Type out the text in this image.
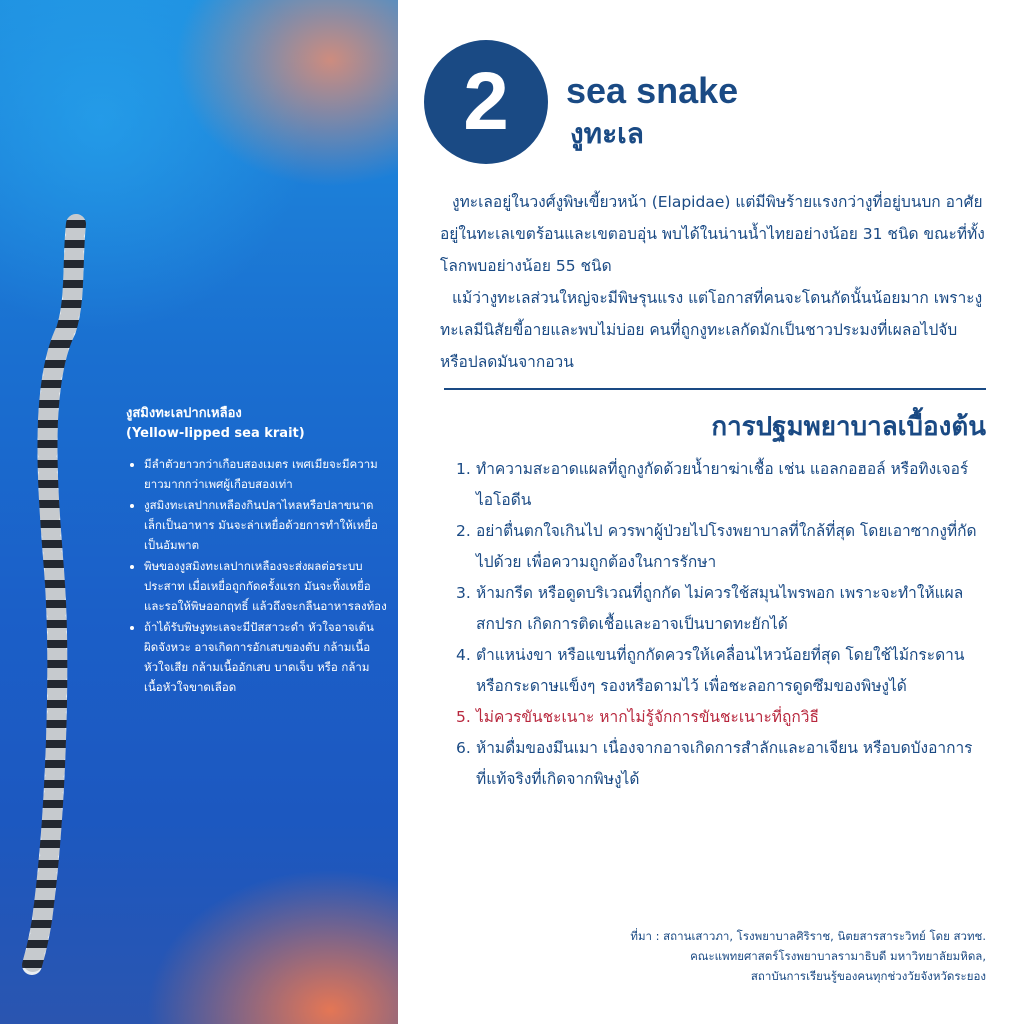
งูสมิงทะเลปากเหลือง
(Yellow-lipped sea krait)

• มีลำตัวยาวกว่าเกือบสองเมตร เพศเมียจะมีความยาวมากกว่าเพศผู้เกือบสองเท่า
• งูสมิงทะเลปากเหลืองกินปลาไหลหรือปลาขนาดเล็กเป็นอาหาร มันจะล่าเหยื่อด้วยการทำให้เหยื่อเป็นอัมพาต
• พิษของงูสมิงทะเลปากเหลืองจะส่งผลต่อระบบประสาท เมื่อเหยื่อถูกกัดครั้งแรก มันจะทิ้งเหยื่อและรอให้พิษออกฤทธิ์ แล้วถึงจะกลืนอาหารลงท้อง
• ถ้าได้รับพิษงูทะเลจะมีปัสสาวะดำ หัวใจอาจเต้นผิดจังหวะ อาจเกิดการอักเสบของตับ กล้ามเนื้อหัวใจเสีย กล้ามเนื้ออักเสบ บาดเจ็บ หรือ กล้ามเนื้อหัวใจขาดเลือด
2	sea snake
งูทะเล

งูทะเลอยู่ในวงศ์งูพิษเขี้ยวหน้า (Elapidae) แต่มีพิษร้ายแรงกว่างูที่อยู่บนบก อาศัยอยู่ในทะเลเขตร้อนและเขตอบอุ่น พบได้ในน่านน้ำไทยอย่างน้อย 31 ชนิด ขณะที่ทั้งโลกพบอย่างน้อย 55 ชนิด

แม้ว่างูทะเลส่วนใหญ่จะมีพิษรุนแรง แต่โอกาสที่คนจะโดนกัดนั้นน้อยมาก เพราะงูทะเลมีนิสัยขี้อายและพบไม่บ่อย คนที่ถูกงูทะเลกัดมักเป็นชาวประมงที่เผลอไปจับ หรือปลดมันจากอวน

การปฐมพยาบาลเบื้องต้น
1. ทำความสะอาดแผลที่ถูกงูกัดด้วยน้ำยาฆ่าเชื้อ เช่น แอลกอฮอล์ หรือทิงเจอร์ไอโอดีน
2. อย่าตื่นตกใจเกินไป ควรพาผู้ป่วยไปโรงพยาบาลที่ใกล้ที่สุด โดยเอาซากงูที่กัดไปด้วย เพื่อความถูกต้องในการรักษา
3. ห้ามกรีด หรือดูดบริเวณที่ถูกกัด ไม่ควรใช้สมุนไพรพอก เพราะจะทำให้แผลสกปรก เกิดการติดเชื้อและอาจเป็นบาดทะยักได้
4. ตำแหน่งขา หรือแขนที่ถูกกัดควรให้เคลื่อนไหวน้อยที่สุด โดยใช้ไม้กระดานหรือกระดาษแข็งๆ รองหรือดามไว้ เพื่อชะลอการดูดซึมของพิษงูได้
5. ไม่ควรขันชะเนาะ หากไม่รู้จักการขันชะเนาะที่ถูกวิธี
6. ห้ามดื่มของมึนเมา เนื่องจากอาจเกิดการสำลักและอาเจียน หรือบดบังอาการที่แท้จริงที่เกิดจากพิษงูได้
ที่มา : สถานเสาวภา, โรงพยาบาลศิริราช, นิตยสารสาระวิทย์ โดย สวทช.
คณะแพทยศาสตร์โรงพยาบาลรามาธิบดี มหาวิทยาลัยมหิดล,
สถาบันการเรียนรู้ของคนทุกช่วงวัยจังหวัดระยอง
